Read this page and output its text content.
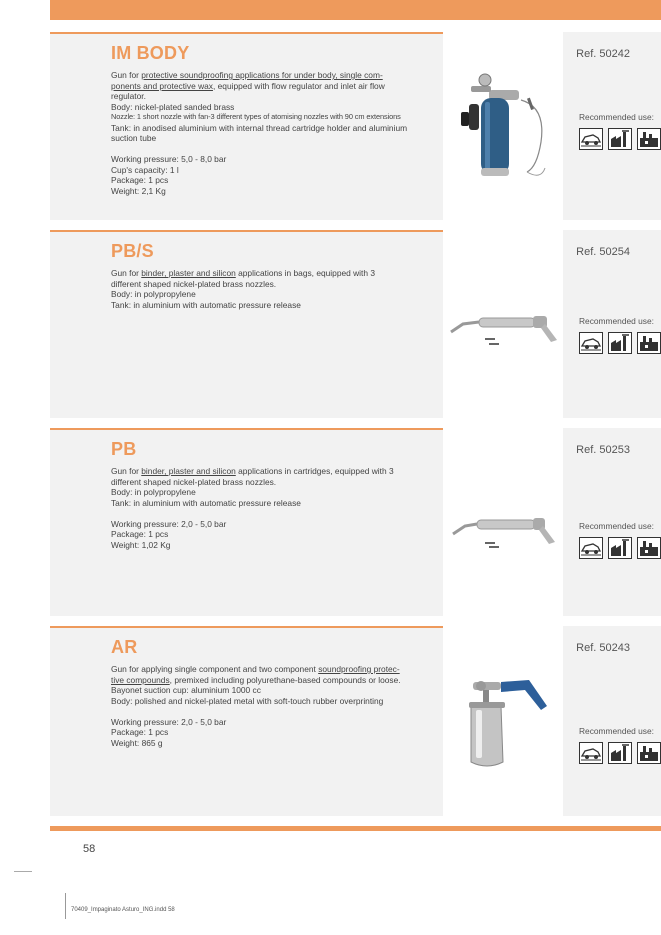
Recommended use:
IM BODY	Ref. 50242

Gun for protective soundproofing applications for under body, single com-

ponents and protective wax, equipped with flow regulator and inlet air flow

regulator.

Body: nickel-plated sanded brass

Nozzle: 1 short nozzle with fan-3 different types of atomising nozzles with 90 cm extensions

Tank: in anodised aluminium with internal thread cartridge holder and aluminium

suction tube

Working pressure: 5,0 - 8,0 bar

Cup's capacity: 1 l

Package: 1 pcs

Weight: 2,1 Kg

Recommended use:
PB/S	Ref. 50254

Gun for binder, plaster and silicon applications in bags, equipped with 3

different shaped nickel-plated brass nozzles.

Body: in polypropylene

Tank: in aluminium with automatic pressure release

Recommended use:
PB	Ref. 50253

Gun for binder, plaster and silicon applications in cartridges, equipped with 3

different shaped nickel-plated brass nozzles.

Body: in polypropylene

Tank: in aluminium with automatic pressure release

Working pressure: 2,0 - 5,0 bar

Package: 1 pcs

Weight: 1,02 Kg

Recommended use:
AR	Ref. 50243

Gun for applying single component and two component soundproofing protec-

tive compounds, premixed including polyurethane-based compounds or loose.

Bayonet suction cup: aluminium 1000 cc

Body: polished and nickel-plated metal with soft-touch rubber overprinting

Working pressure: 2,0 - 5,0 bar

Package: 1 pcs

Weight: 865 g

58
70409_Impaginato Asturo_ING.indd 58
